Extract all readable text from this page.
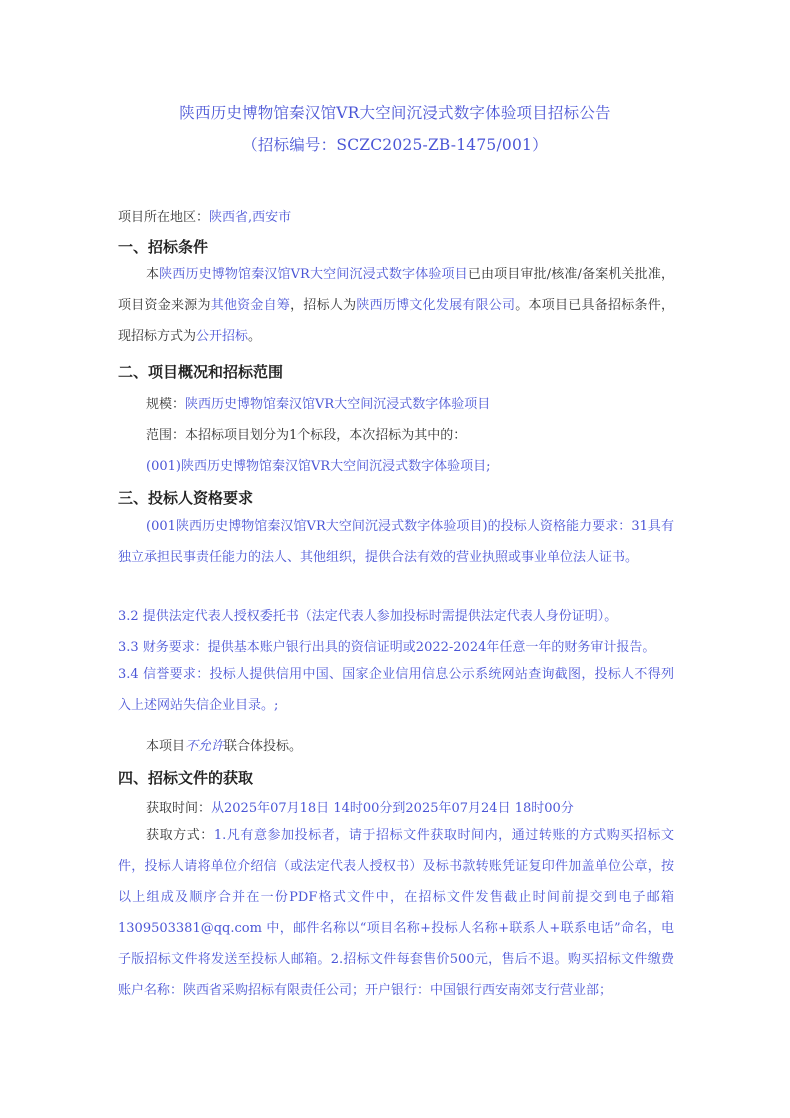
陕西历史博物馆秦汉馆VR大空间沉浸式数字体验项目招标公告
（招标编号：SCZC2025-ZB-1475/001）
项目所在地区：陕西省,西安市
一、招标条件
本陕西历史博物馆秦汉馆VR大空间沉浸式数字体验项目已由项目审批/核准/备案机关批准，项目资金来源为其他资金自筹，招标人为陕西历博文化发展有限公司。本项目已具备招标条件，现招标方式为公开招标。
二、项目概况和招标范围
规模：陕西历史博物馆秦汉馆VR大空间沉浸式数字体验项目
范围：本招标项目划分为1个标段，本次招标为其中的：
(001)陕西历史博物馆秦汉馆VR大空间沉浸式数字体验项目;
三、投标人资格要求
(001陕西历史博物馆秦汉馆VR大空间沉浸式数字体验项目)的投标人资格能力要求：31具有独立承担民事责任能力的法人、其他组织，提供合法有效的营业执照或事业单位法人证书。
3.2 提供法定代表人授权委托书（法定代表人参加投标时需提供法定代表人身份证明）。
3.3 财务要求：提供基本账户银行出具的资信证明或2022-2024年任意一年的财务审计报告。
3.4 信誉要求：投标人提供信用中国、国家企业信用信息公示系统网站查询截图，投标人不得列入上述网站失信企业目录。;
本项目不允许联合体投标。
四、招标文件的获取
获取时间：从2025年07月18日 14时00分到2025年07月24日 18时00分
获取方式：1.凡有意参加投标者，请于招标文件获取时间内，通过转账的方式购买招标文件，投标人请将单位介绍信（或法定代表人授权书）及标书款转账凭证复印件加盖单位公章，按以上组成及顺序合并在一份PDF格式文件中，在招标文件发售截止时间前提交到电子邮箱1309503381@qq.com 中，邮件名称以“项目名称+投标人名称+联系人+联系电话”命名，电子版招标文件将发送至投标人邮箱。2.招标文件每套售价500元，售后不退。购买招标文件缴费账户名称：陕西省采购招标有限责任公司；开户银行：中国银行西安南郊支行营业部；
